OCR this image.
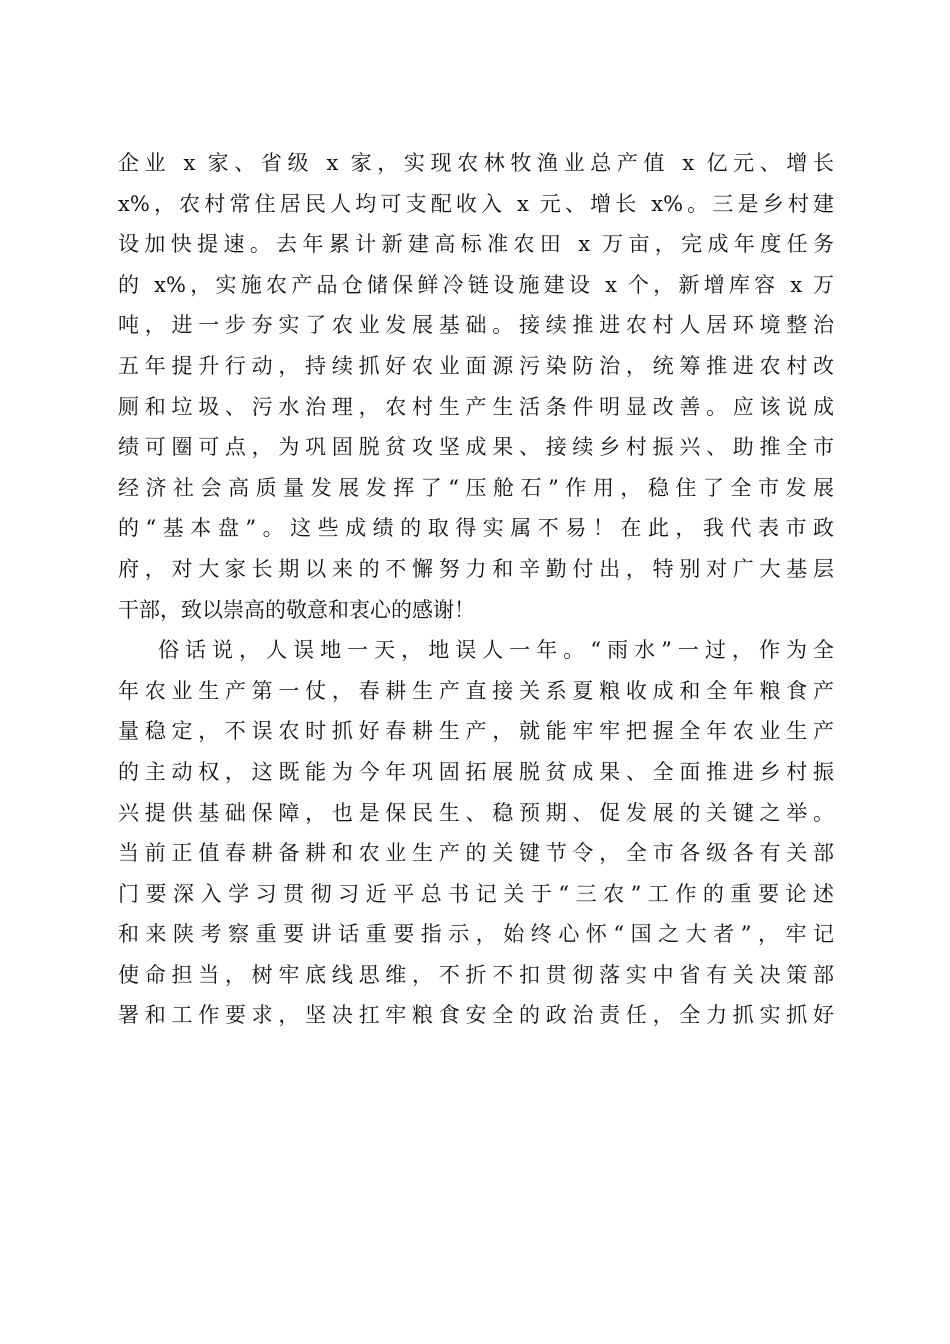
企业 x 家、省级 x 家，实现农林牧渔业总产值 x 亿元、增长
x%，农村常住居民人均可支配收入 x 元、增长 x%。三是乡村建
设加快提速。去年累计新建高标准农田 x 万亩，完成年度任务
的 x%，实施农产品仓储保鲜冷链设施建设 x 个，新增库容 x 万
吨，进一步夯实了农业发展基础。接续推进农村人居环境整治
五年提升行动，持续抓好农业面源污染防治，统筹推进农村改
厕和垃圾、污水治理，农村生产生活条件明显改善。应该说成
绩可圈可点，为巩固脱贫攻坚成果、接续乡村振兴、助推全市
经济社会高质量发展发挥了“压舱石”作用，稳住了全市发展
的“基本盘”。这些成绩的取得实属不易！在此，我代表市政
府，对大家长期以来的不懈努力和辛勤付出，特别对广大基层
干部，致以崇高的敬意和衷心的感谢！
俗话说，人误地一天，地误人一年。“雨水”一过，作为全
年农业生产第一仗，春耕生产直接关系夏粮收成和全年粮食产
量稳定，不误农时抓好春耕生产，就能牢牢把握全年农业生产
的主动权，这既能为今年巩固拓展脱贫成果、全面推进乡村振
兴提供基础保障，也是保民生、稳预期、促发展的关键之举。
当前正值春耕备耕和农业生产的关键节令，全市各级各有关部
门要深入学习贯彻习近平总书记关于“三农”工作的重要论述
和来陕考察重要讲话重要指示，始终心怀“国之大者”，牢记
使命担当，树牢底线思维，不折不扣贯彻落实中省有关决策部
署和工作要求，坚决扛牢粮食安全的政治责任，全力抓实抓好
